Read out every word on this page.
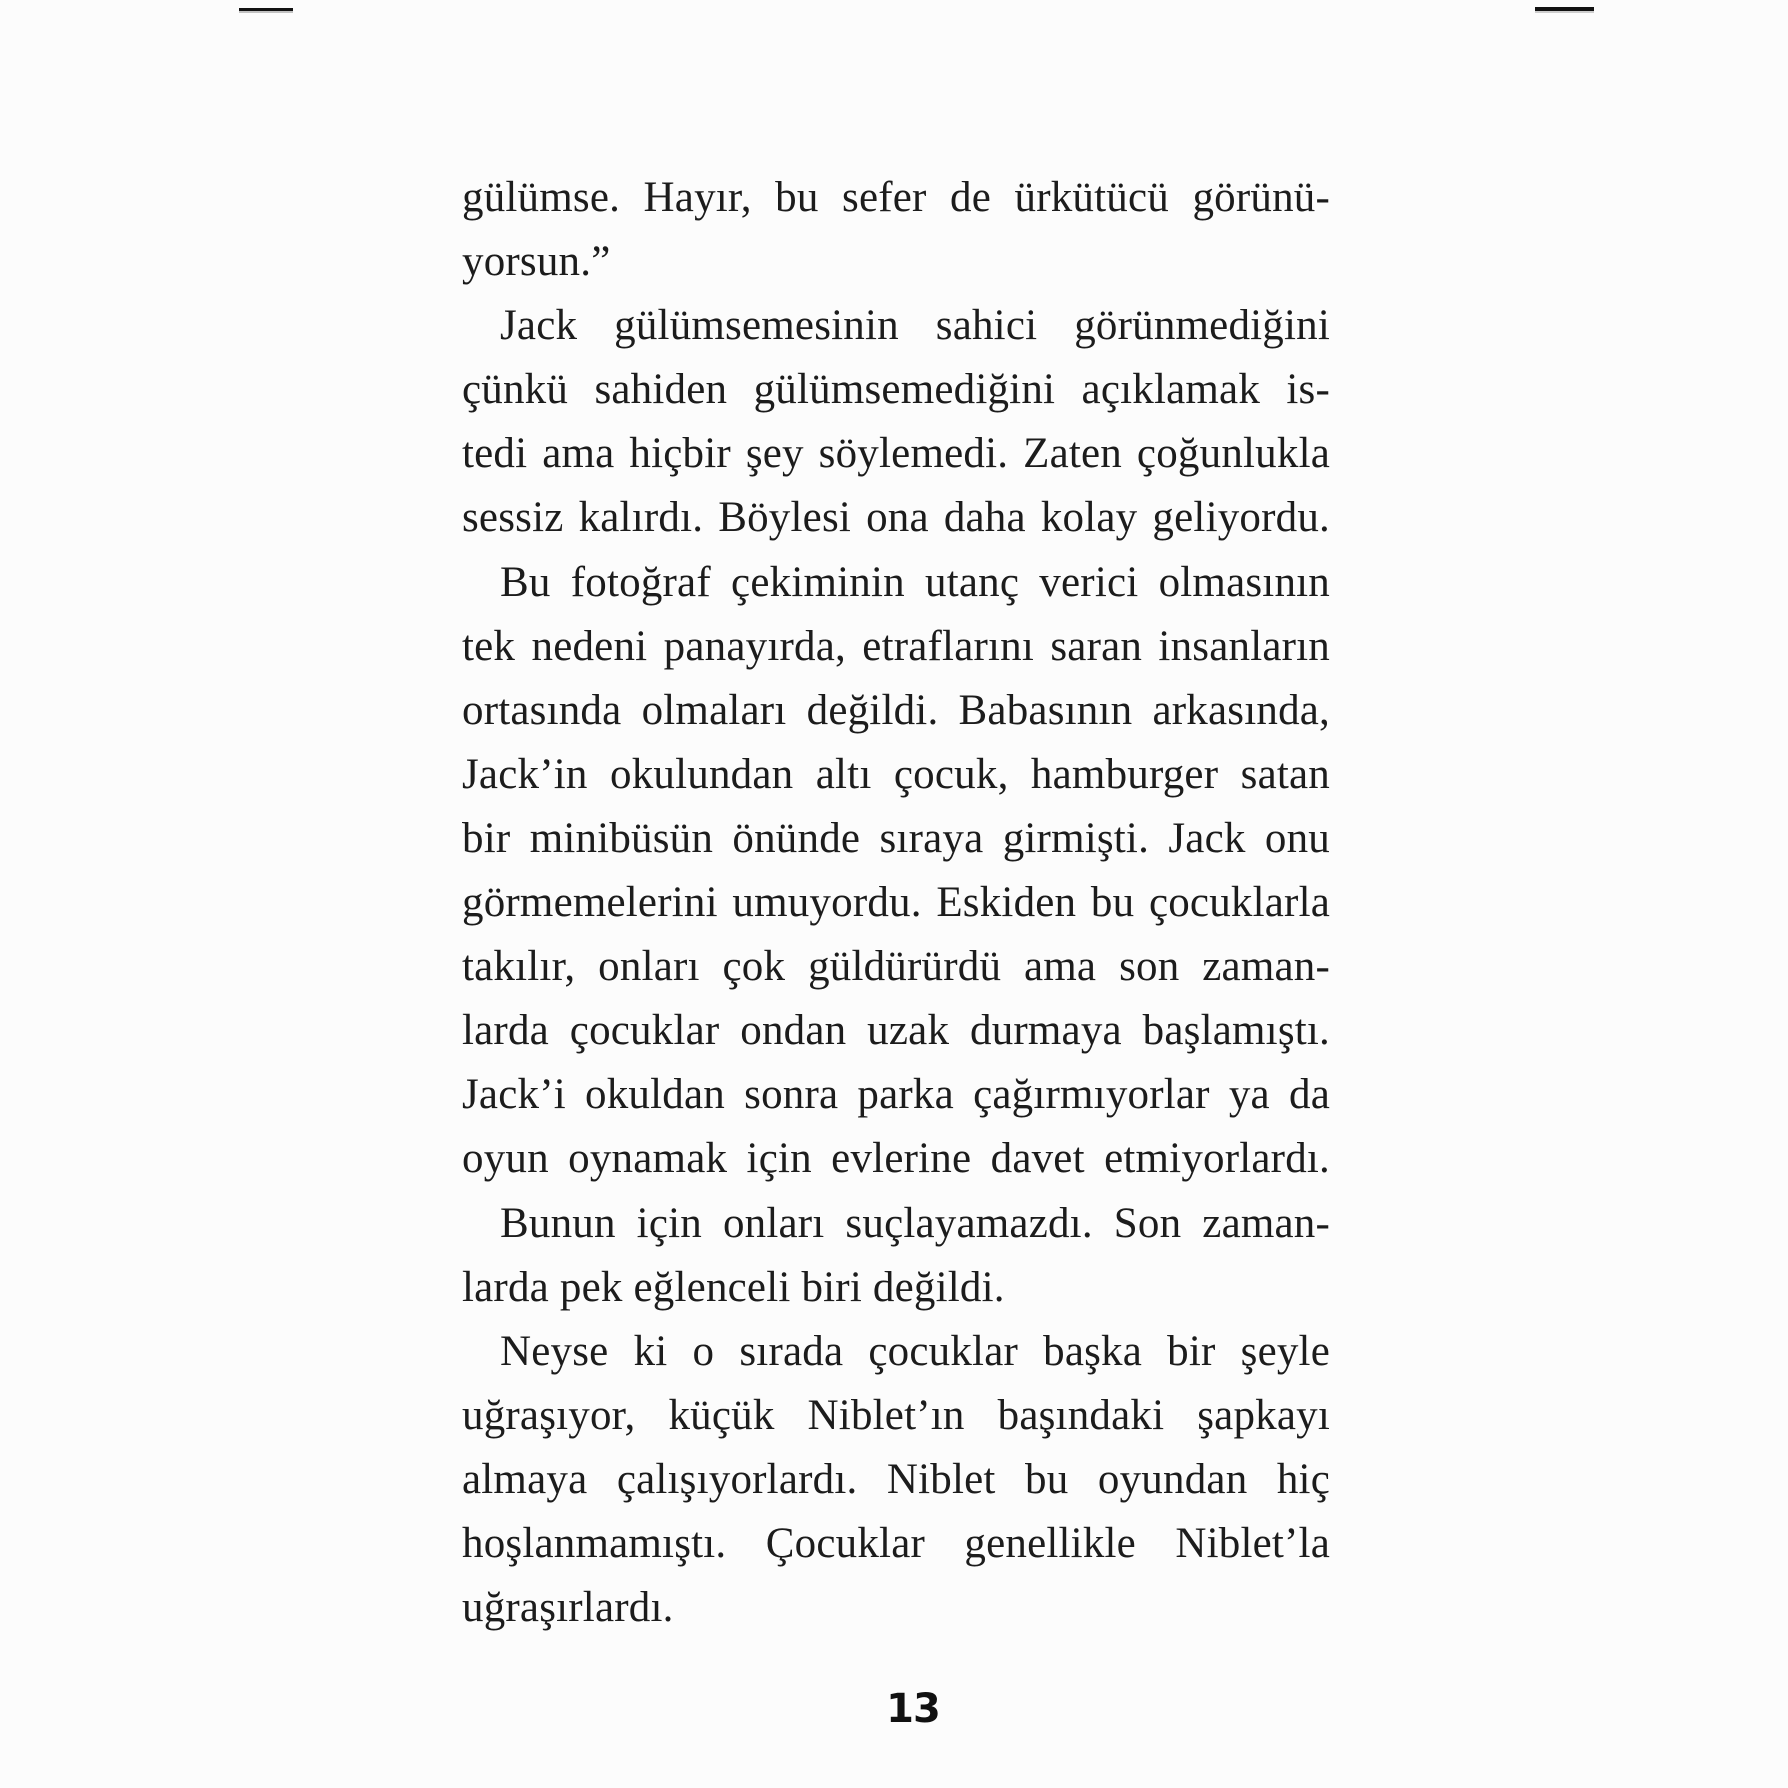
gülümse. Hayır, bu sefer de ürkütücü görünü-
yorsun.”
Jack gülümsemesinin sahici görünmediğini
çünkü sahiden gülümsemediğini açıklamak is-
tedi ama hiçbir şey söylemedi. Zaten çoğunlukla
sessiz kalırdı. Böylesi ona daha kolay geliyordu.
Bu fotoğraf çekiminin utanç verici olmasının
tek nedeni panayırda, etraflarını saran insanların
ortasında olmaları değildi. Babasının arkasında,
Jack’in okulundan altı çocuk, hamburger satan
bir minibüsün önünde sıraya girmişti. Jack onu
görmemelerini umuyordu. Eskiden bu çocuklarla
takılır, onları çok güldürürdü ama son zaman-
larda çocuklar ondan uzak durmaya başlamıştı.
Jack’i okuldan sonra parka çağırmıyorlar ya da
oyun oynamak için evlerine davet etmiyorlardı.
Bunun için onları suçlayamazdı. Son zaman-
larda pek eğlenceli biri değildi.
Neyse ki o sırada çocuklar başka bir şeyle
uğraşıyor, küçük Niblet’ın başındaki şapkayı
almaya çalışıyorlardı. Niblet bu oyundan hiç
hoşlanmamıştı. Çocuklar genellikle Niblet’la
uğraşırlardı.
13
